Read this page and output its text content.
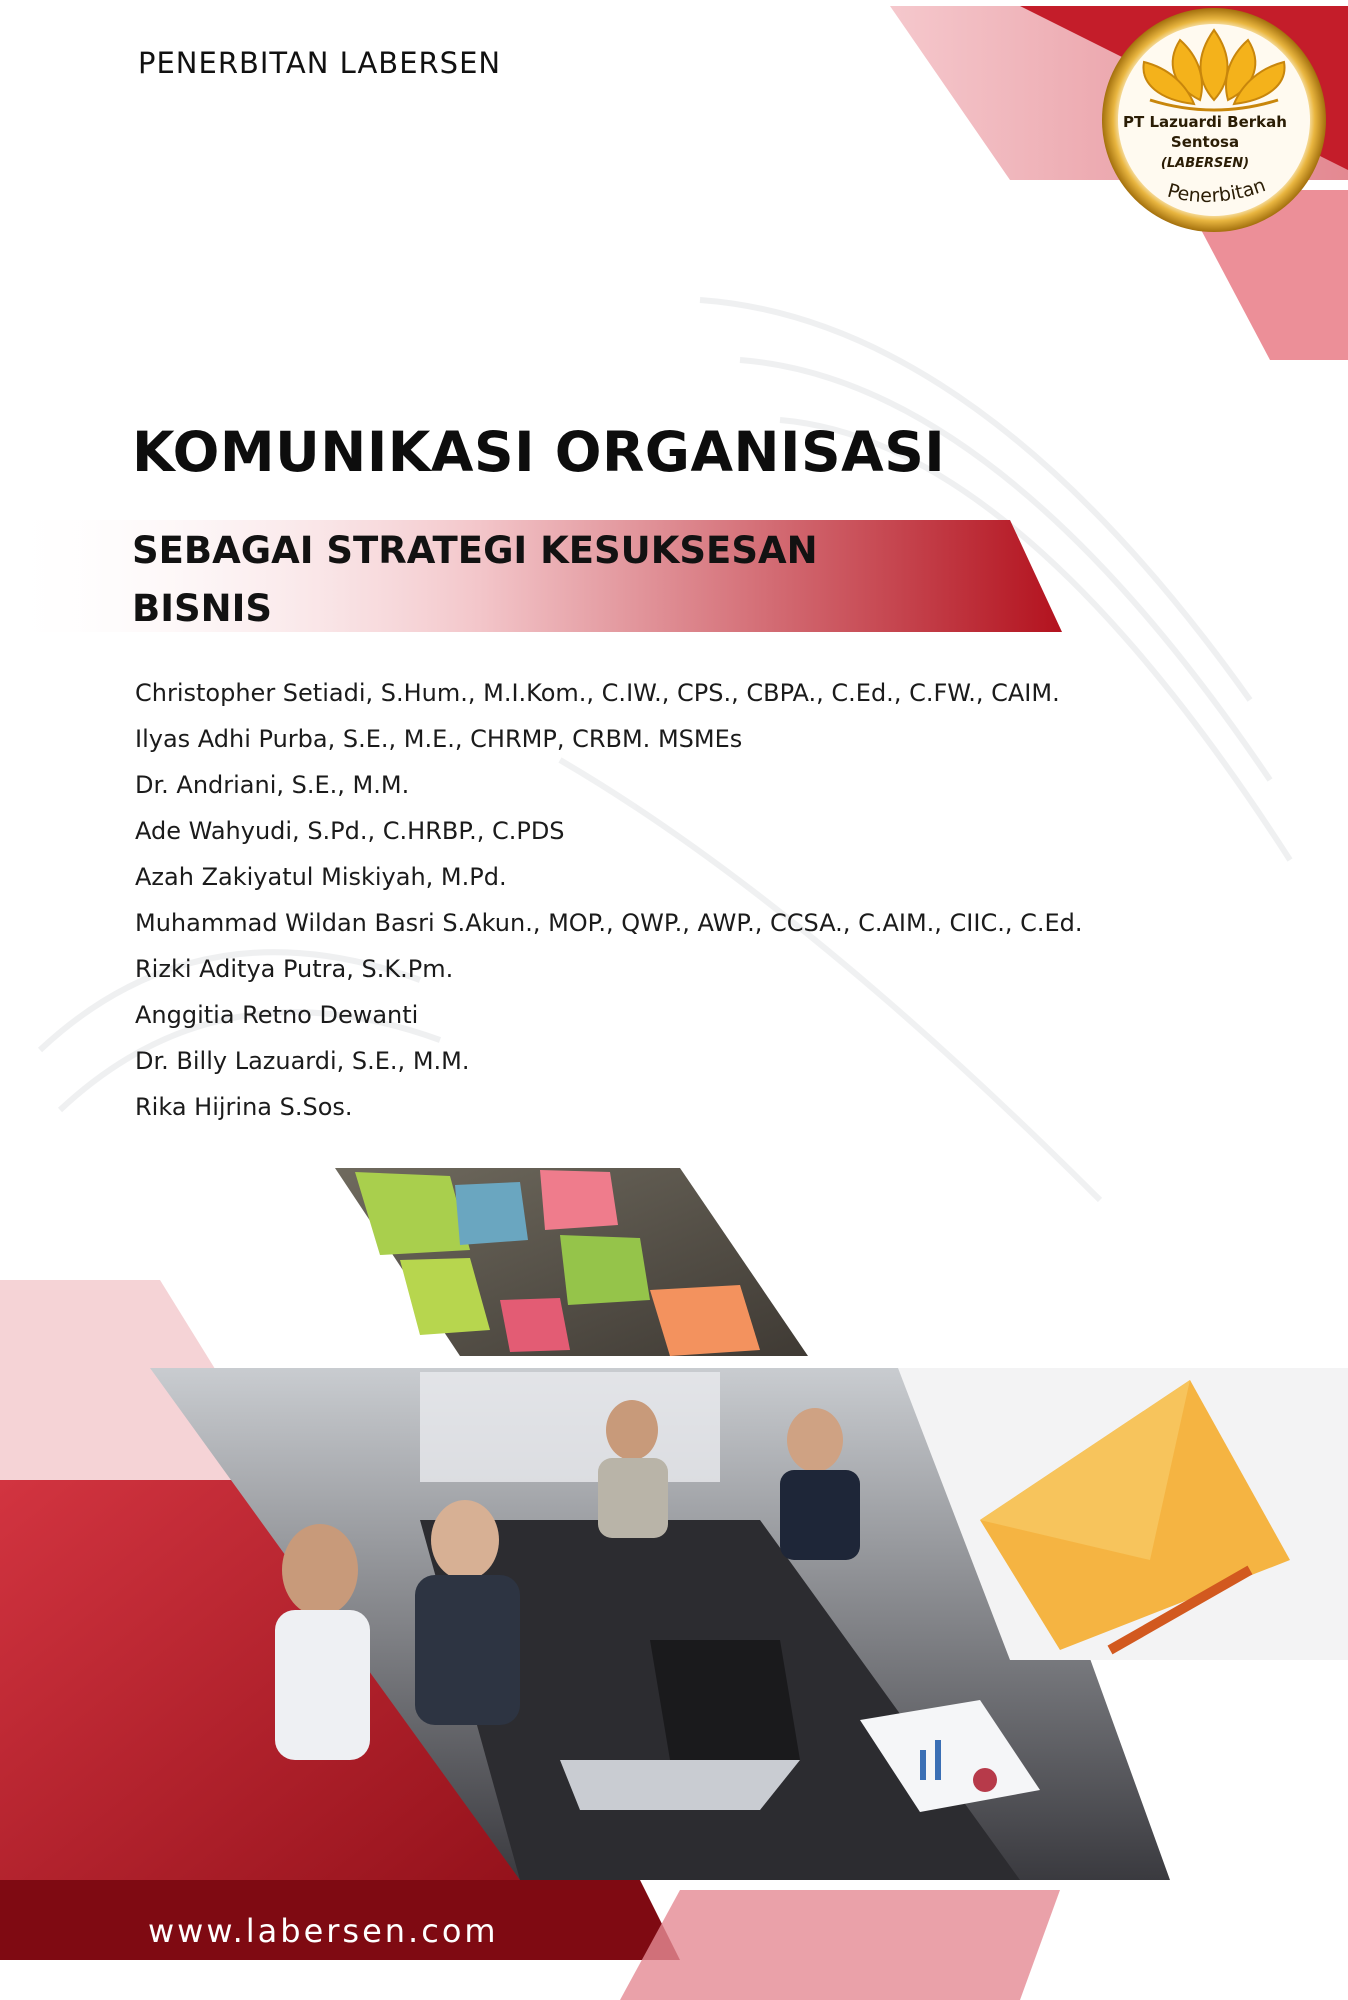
Penerbitan
PENERBITAN LABERSEN
PT Lazuardi Berkah
Sentosa
(LABERSEN)
KOMUNIKASI ORGANISASI
SEBAGAI STRATEGI KESUKSESAN
BISNIS
Christopher Setiadi, S.Hum., M.I.Kom., C.IW., CPS., CBPA., C.Ed., C.FW., CAIM.
Ilyas Adhi Purba, S.E., M.E., CHRMP, CRBM. MSMEs
Dr. Andriani, S.E., M.M.
Ade Wahyudi, S.Pd., C.HRBP., C.PDS
Azah Zakiyatul Miskiyah, M.Pd.
Muhammad Wildan Basri S.Akun., MOP., QWP., AWP., CCSA., C.AIM., CIIC., C.Ed.
Rizki Aditya Putra, S.K.Pm.
Anggitia Retno Dewanti
Dr. Billy Lazuardi, S.E., M.M.
Rika Hijrina S.Sos.
www.labersen.com
